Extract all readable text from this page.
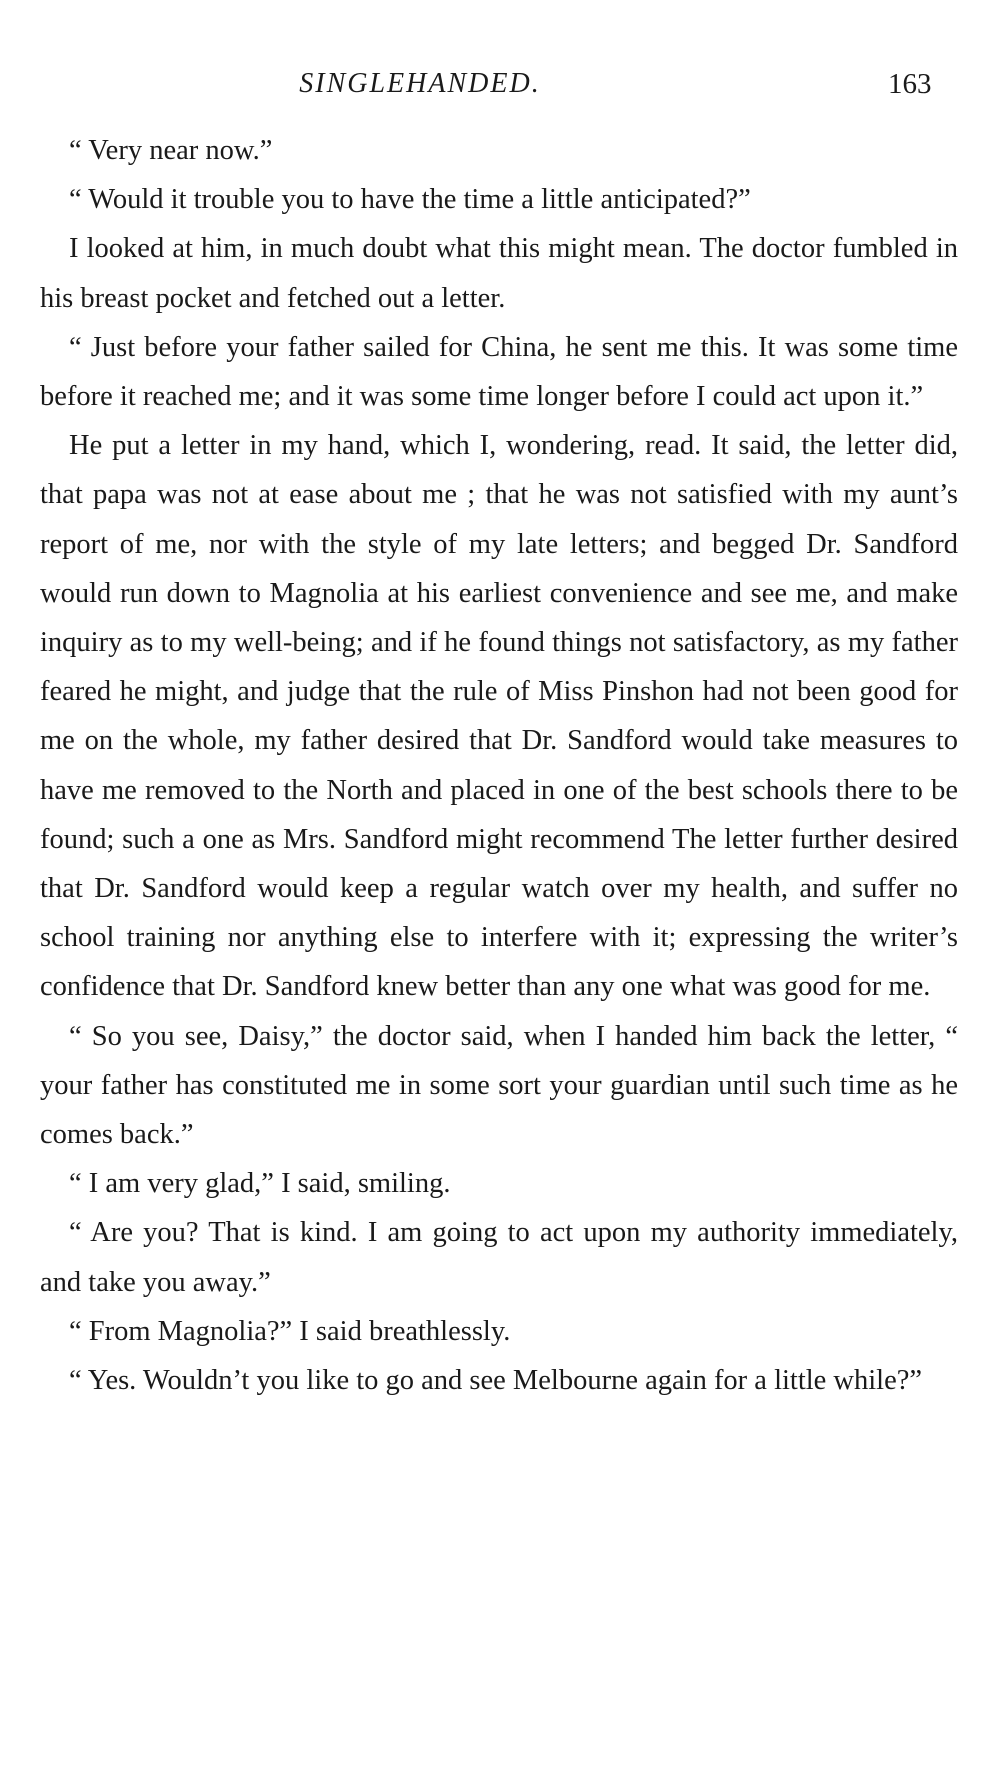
SINGLEHANDED.	163

“ Very near now.”

“ Would it trouble you to have the time a little anticipated?”

I looked at him, in much doubt what this might mean. The doctor fumbled in his breast pocket and fetched out a letter.

“ Just before your father sailed for China, he sent me this. It was some time before it reached me; and it was some time longer before I could act upon it.”

He put a letter in my hand, which I, wondering, read. It said, the letter did, that papa was not at ease about me ; that he was not satisfied with my aunt’s report of me, nor with the style of my late letters; and begged Dr. Sandford would run down to Magnolia at his earliest convenience and see me, and make inquiry as to my well-being; and if he found things not satisfactory, as my father feared he might, and judge that the rule of Miss Pinshon had not been good for me on the whole, my father desired that Dr. Sandford would take measures to have me removed to the North and placed in one of the best schools there to be found; such a one as Mrs. Sandford might recommend The letter further desired that Dr. Sandford would keep a regular watch over my health, and suffer no school training nor anything else to interfere with it; expressing the writer’s confidence that Dr. Sandford knew better than any one what was good for me.

“ So you see, Daisy,” the doctor said, when I handed him back the letter, “ your father has constituted me in some sort your guardian until such time as he comes back.”

“ I am very glad,” I said, smiling.

“ Are you? That is kind. I am going to act upon my authority immediately, and take you away.”

“ From Magnolia?” I said breathlessly.

“ Yes. Wouldn’t you like to go and see Melbourne again for a little while?”
